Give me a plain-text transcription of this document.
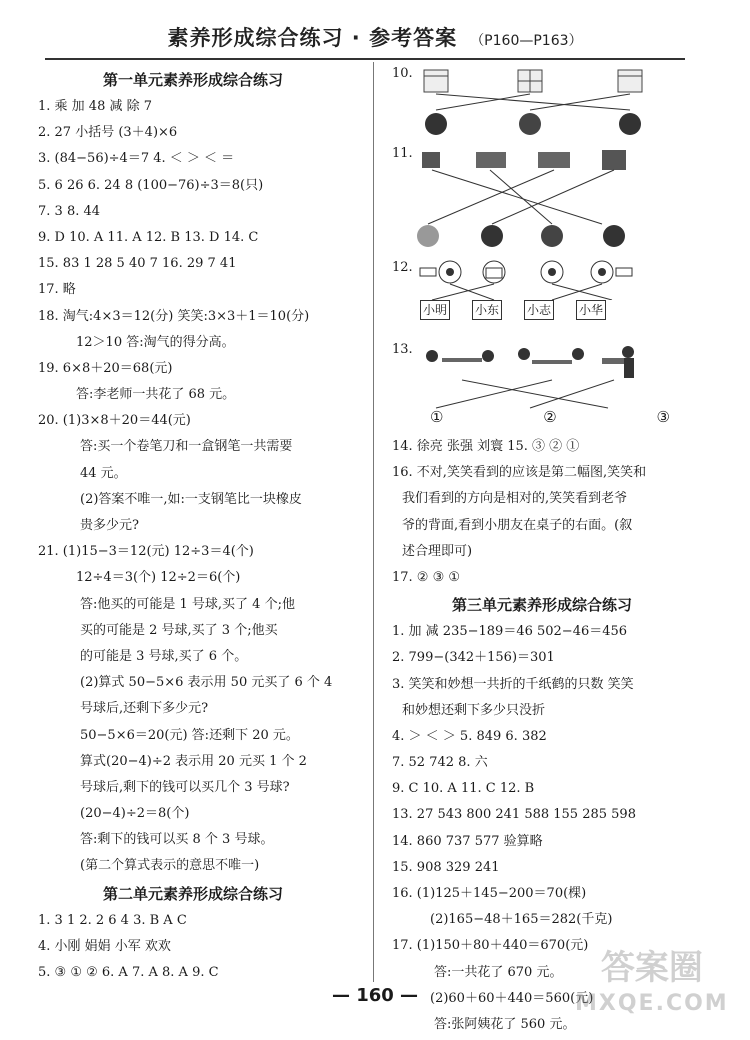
素养形成综合练习 · 参考答案 （P160—P163）
第一单元素养形成综合练习
1. 乘 加 48 减 除 7
2. 27 小括号 (3＋4)×6
3. (84−56)÷4＝7 4. ＜ ＞ ＜ ＝
5. 6 26 6. 24 8 (100−76)÷3＝8(只)
7. 3 8. 44
9. D 10. A 11. A 12. B 13. D 14. C
15. 83 1 28 5 40 7 16. 29 7 41
17. 略
18. 淘气:4×3＝12(分) 笑笑:3×3＋1＝10(分)
12＞10 答:淘气的得分高。
19. 6×8＋20＝68(元)
答:李老师一共花了 68 元。
20. (1)3×8＋20＝44(元)
答:买一个卷笔刀和一盒钢笔一共需要
44 元。
(2)答案不唯一,如:一支钢笔比一块橡皮
贵多少元?
21. (1)15−3＝12(元) 12÷3＝4(个)
12÷4＝3(个) 12÷2＝6(个)
答:他买的可能是 1 号球,买了 4 个;他
买的可能是 2 号球,买了 3 个;他买
的可能是 3 号球,买了 6 个。
(2)算式 50−5×6 表示用 50 元买了 6 个 4
号球后,还剩下多少元?
50−5×6＝20(元) 答:还剩下 20 元。
算式(20−4)÷2 表示用 20 元买 1 个 2
号球后,剩下的钱可以买几个 3 号球?
(20−4)÷2＝8(个)
答:剩下的钱可以买 8 个 3 号球。
(第二个算式表示的意思不唯一)
第二单元素养形成综合练习
1. 3 1 2. 2 6 4 3. B A C
4. 小刚 娟娟 小军 欢欢
5. ③ ① ② 6. A 7. A 8. A 9. C
10.
11.
12.
小明 小东 小志 小华
13.
①	②	③
14. 徐亮 张强 刘寰 15. ③ ② ①
16. 不对,笑笑看到的应该是第二幅图,笑笑和
我们看到的方向是相对的,笑笑看到老爷
爷的背面,看到小朋友在桌子的右面。(叙
述合理即可)
17. ② ③ ①
第三单元素养形成综合练习
1. 加 减 235−189＝46 502−46＝456
2. 799−(342＋156)＝301
3. 笑笑和妙想一共折的千纸鹤的只数 笑笑
和妙想还剩下多少只没折
4. ＞ ＜ ＞ 5. 849 6. 382
7. 52 742 8. 六
9. C 10. A 11. C 12. B
13. 27 543 800 241 588 155 285 598
14. 860 737 577 验算略
15. 908 329 241
16. (1)125＋145−200＝70(棵)
(2)165−48＋165＝282(千克)
17. (1)150＋80＋440＝670(元)
答:一共花了 670 元。
(2)60＋60＋440＝560(元)
答:张阿姨花了 560 元。
— 160 —
答案圈
MXQE.COM
